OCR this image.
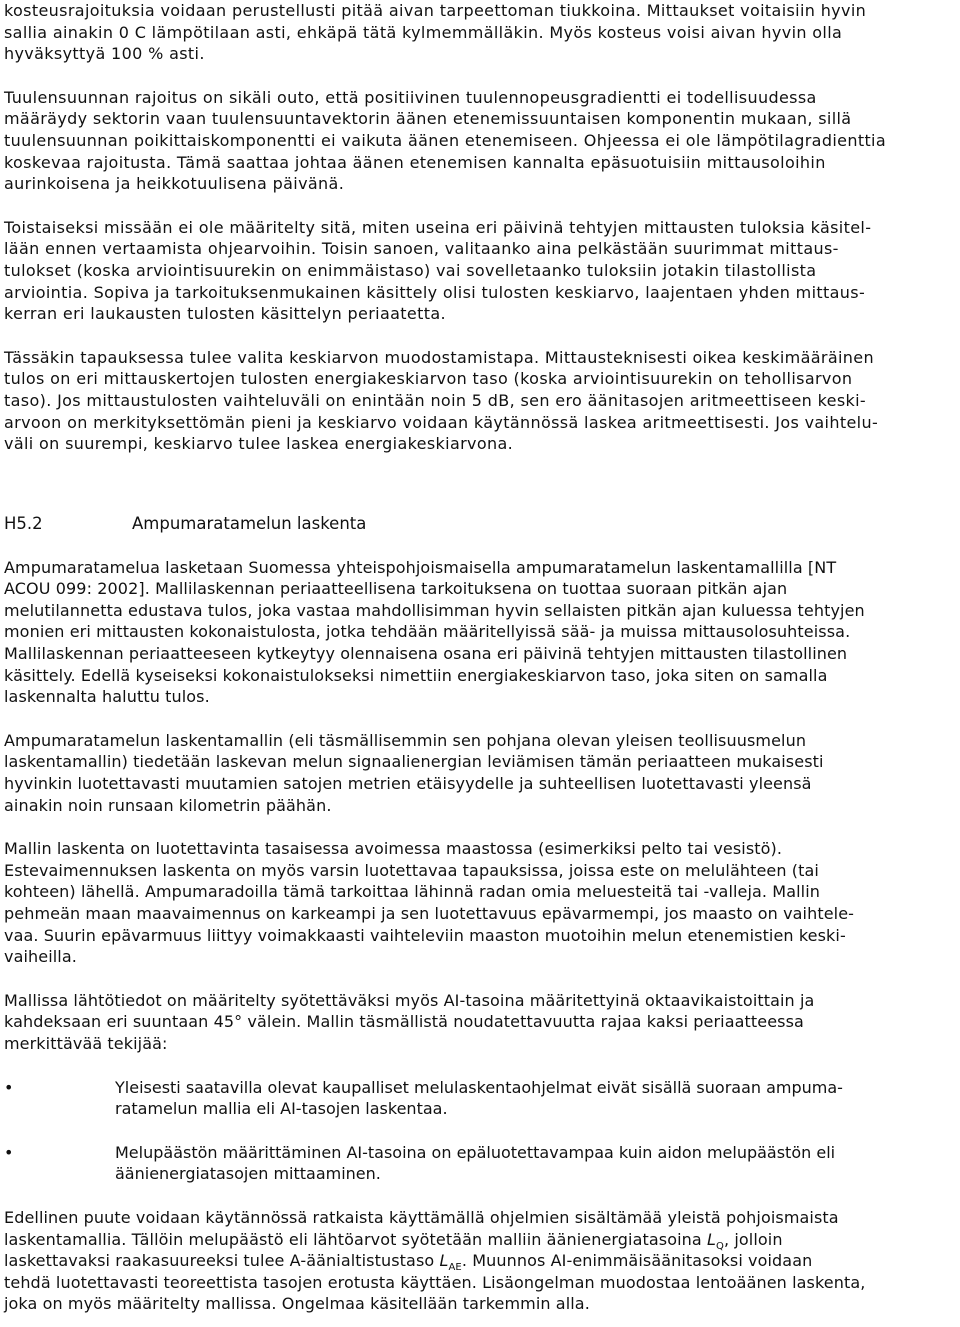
kosteusrajoituksia voidaan perustellusti pitää aivan tarpeettoman tiukkoina. Mittaukset voitaisiin hyvin

sallia ainakin 0 C lämpötilaan asti, ehkäpä tätä kylmemmälläkin. Myös kosteus voisi aivan hyvin olla

hyväksyttyä 100 % asti.

Tuulensuunnan rajoitus on sikäli outo, että positiivinen tuulennopeusgradientti ei todellisuudessa

määräydy sektorin vaan tuulensuuntavektorin äänen etenemissuuntaisen komponentin mukaan, sillä

tuulensuunnan poikittaiskomponentti ei vaikuta äänen etenemiseen. Ohjeessa ei ole lämpötilagradienttia

koskevaa rajoitusta. Tämä saattaa johtaa äänen etenemisen kannalta epäsuotuisiin mittausoloihin

aurinkoisena ja heikkotuulisena päivänä.

Toistaiseksi missään ei ole määritelty sitä, miten useina eri päivinä tehtyjen mittausten tuloksia käsitel-

lään ennen vertaamista ohjearvoihin. Toisin sanoen, valitaanko aina pelkästään suurimmat mittaus-

tulokset (koska arviointisuurekin on enimmäistaso) vai sovelletaanko tuloksiin jotakin tilastollista

arviointia. Sopiva ja tarkoituksenmukainen käsittely olisi tulosten keskiarvo, laajentaen yhden mittaus-

kerran eri laukausten tulosten käsittelyn periaatetta.

Tässäkin tapauksessa tulee valita keskiarvon muodostamistapa. Mittausteknisesti oikea keskimääräinen

tulos on eri mittauskertojen tulosten energiakeskiarvon taso (koska arviointisuurekin on tehollisarvon

taso). Jos mittaustulosten vaihteluväli on enintään noin 5 dB, sen ero äänitasojen aritmeettiseen keski-

arvoon on merkityksettömän pieni ja keskiarvo voidaan käytännössä laskea aritmeettisesti. Jos vaihtelu-

väli on suurempi, keskiarvo tulee laskea energiakeskiarvona.

H5.2	Ampumaratamelun laskenta

Ampumaratamelua lasketaan Suomessa yhteispohjoismaisella ampumaratamelun laskentamallilla [NT

ACOU 099: 2002]. Mallilaskennan periaatteellisena tarkoituksena on tuottaa suoraan pitkän ajan

melutilannetta edustava tulos, joka vastaa mahdollisimman hyvin sellaisten pitkän ajan kuluessa tehtyjen

monien eri mittausten kokonaistulosta, jotka tehdään määritellyissä sää- ja muissa mittausolosuhteissa.

Mallilaskennan periaatteeseen kytkeytyy olennaisena osana eri päivinä tehtyjen mittausten tilastollinen

käsittely. Edellä kyseiseksi kokonaistulokseksi nimettiin energiakeskiarvon taso, joka siten on samalla

laskennalta haluttu tulos.

Ampumaratamelun laskentamallin (eli täsmällisemmin sen pohjana olevan yleisen teollisuusmelun

laskentamallin) tiedetään laskevan melun signaalienergian leviämisen tämän periaatteen mukaisesti

hyvinkin luotettavasti muutamien satojen metrien etäisyydelle ja suhteellisen luotettavasti yleensä

ainakin noin runsaan kilometrin päähän.

Mallin laskenta on luotettavinta tasaisessa avoimessa maastossa (esimerkiksi pelto tai vesistö).

Estevaimennuksen laskenta on myös varsin luotettavaa tapauksissa, joissa este on melulähteen (tai

kohteen) lähellä. Ampumaradoilla tämä tarkoittaa lähinnä radan omia meluesteitä tai -valleja. Mallin

pehmeän maan maavaimennus on karkeampi ja sen luotettavuus epävarmempi, jos maasto on vaihtele-

vaa. Suurin epävarmuus liittyy voimakkaasti vaihteleviin maaston muotoihin melun etenemistien keski-

vaiheilla.

Mallissa lähtötiedot on määritelty syötettäväksi myös AI-tasoina määritettyinä oktaavikaistoittain ja

kahdeksaan eri suuntaan 45° välein. Mallin täsmällistä noudatettavuutta rajaa kaksi periaatteessa

merkittävää tekijää:

•	Yleisesti saatavilla olevat kaupalliset melulaskentaohjelmat eivät sisällä suoraan ampuma-
ratamelun mallia eli AI-tasojen laskentaa.
•	Melupäästön määrittäminen AI-tasoina on epäluotettavampaa kuin aidon melupäästön eli
äänienergiatasojen mittaaminen.

Edellinen puute voidaan käytännössä ratkaista käyttämällä ohjelmien sisältämää yleistä pohjoismaista

laskentamallia. Tällöin melupäästö eli lähtöarvot syötetään malliin äänienergiatasoina $L_Q$, jolloin

laskettavaksi raakasuureeksi tulee A-äänialtistustaso $L_{AE}$. Muunnos AI-enimmäisäänitasoksi voidaan

tehdä luotettavasti teoreettista tasojen erotusta käyttäen. Lisäongelman muodostaa lentoäänen laskenta,

joka on myös määritelty mallissa. Ongelmaa käsitellään tarkemmin alla.
